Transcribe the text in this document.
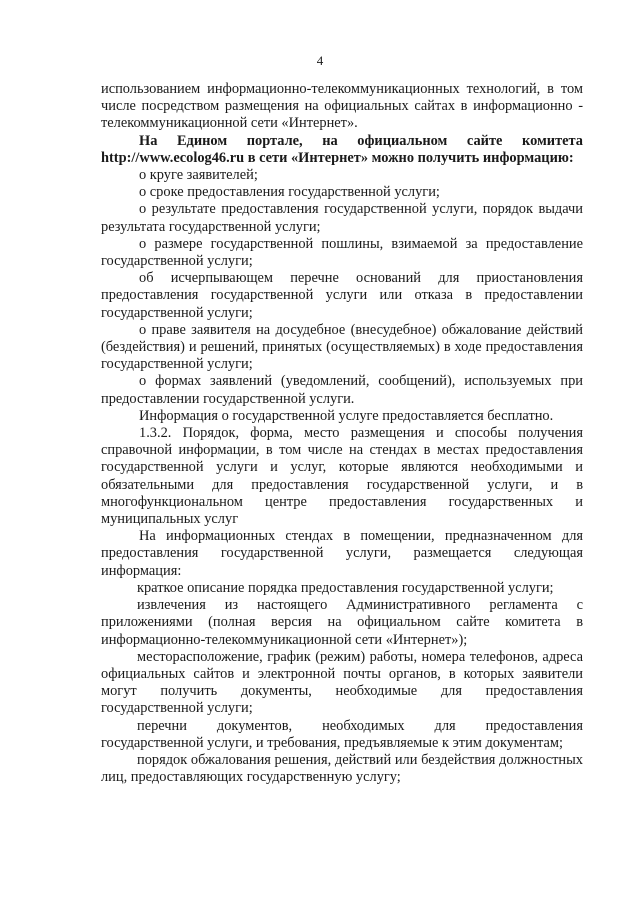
4

использованием информационно-телекоммуникационных технологий, в том числе посредством размещения на официальных сайтах в информационно - телекоммуникационной сети «Интернет».

На Едином портале, на официальном сайте комитета http://www.ecolog46.ru в сети «Интернет» можно получить информацию:

о круге заявителей;

о сроке предоставления государственной услуги;

о результате предоставления государственной услуги, порядок выдачи результата государственной услуги;

о размере государственной пошлины, взимаемой за предоставление государственной услуги;

об исчерпывающем перечне оснований для приостановления предоставления государственной услуги или отказа в предоставлении государственной услуги;

о праве заявителя на досудебное (внесудебное) обжалование действий (бездействия) и решений, принятых (осуществляемых) в ходе предоставления государственной услуги;

о формах заявлений (уведомлений, сообщений), используемых при предоставлении государственной услуги.

Информация о государственной услуге предоставляется бесплатно.

1.3.2. Порядок, форма, место размещения и способы получения справочной информации, в том числе на стендах в местах предоставления государственной услуги и услуг, которые являются необходимыми и обязательными для предоставления государственной услуги, и в многофункциональном центре предоставления государственных и муниципальных услуг

На информационных стендах в помещении, предназначенном для предоставления государственной услуги, размещается следующая информация:

краткое описание порядка предоставления государственной услуги;

извлечения из настоящего Административного регламента с приложениями (полная версия на официальном сайте комитета в информационно-телекоммуникационной сети «Интернет»);

месторасположение, график (режим) работы, номера телефонов, адреса официальных сайтов и электронной почты органов, в которых заявители могут получить документы, необходимые для предоставления государственной услуги;

перечни документов, необходимых для предоставления государственной услуги, и требования, предъявляемые к этим документам;

порядок обжалования решения, действий или бездействия должностных лиц, предоставляющих государственную услугу;
